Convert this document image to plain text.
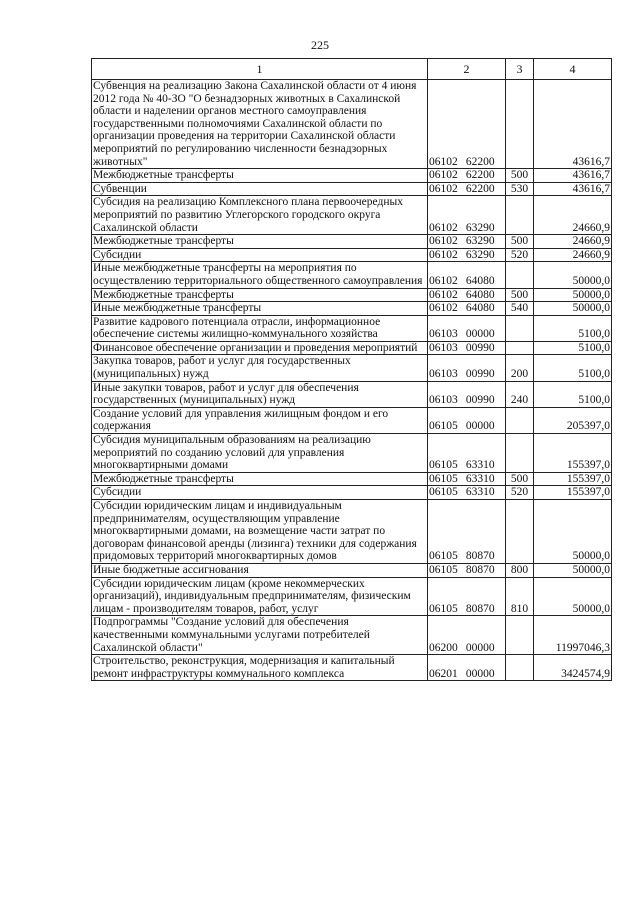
225
1	2	3	4
Субвенция на реализацию Закона Сахалинской области от 4 июня 2012 года № 40-ЗО "О безнадзорных животных в Сахалинской области и наделении органов местного самоуправления государственными полномочиями Сахалинской области по организации проведения на территории Сахалинской области мероприятий по регулированию численности безнадзорных животных"	06102 62200		43616,7
Межбюджетные трансферты	06102 62200	500	43616,7
Субвенции	06102 62200	530	43616,7
Субсидия на реализацию Комплексного плана первоочередных мероприятий по развитию Углегорского городского округа Сахалинской области	06102 63290		24660,9
Межбюджетные трансферты	06102 63290	500	24660,9
Субсидии	06102 63290	520	24660,9
Иные межбюджетные трансферты на мероприятия по осуществлению территориального общественного самоуправления	06102 64080		50000,0
Межбюджетные трансферты	06102 64080	500	50000,0
Иные межбюджетные трансферты	06102 64080	540	50000,0
Развитие кадрового потенциала отрасли, информационное обеспечение системы жилищно-коммунального хозяйства	06103 00000		5100,0
Финансовое обеспечение организации и проведения мероприятий	06103 00990		5100,0
Закупка товаров, работ и услуг для государственных (муниципальных) нужд	06103 00990	200	5100,0
Иные закупки товаров, работ и услуг для обеспечения государственных (муниципальных) нужд	06103 00990	240	5100,0
Создание условий для управления жилищным фондом и его содержания	06105 00000		205397,0
Субсидия муниципальным образованиям на реализацию мероприятий по созданию условий для управления многоквартирными домами	06105 63310		155397,0
Межбюджетные трансферты	06105 63310	500	155397,0
Субсидии	06105 63310	520	155397,0
Субсидии юридическим лицам и индивидуальным предпринимателям, осуществляющим управление многоквартирными домами, на возмещение части затрат по договорам финансовой аренды (лизинга) техники для содержания придомовых территорий многоквартирных домов	06105 80870		50000,0
Иные бюджетные ассигнования	06105 80870	800	50000,0
Субсидии юридическим лицам (кроме некоммерческих организаций), индивидуальным предпринимателям, физическим лицам - производителям товаров, работ, услуг	06105 80870	810	50000,0
Подпрограммы "Создание условий для обеспечения качественными коммунальными услугами потребителей Сахалинской области"	06200 00000		11997046,3
Строительство, реконструкция, модернизация и капитальный ремонт инфраструктуры коммунального комплекса	06201 00000		3424574,9
